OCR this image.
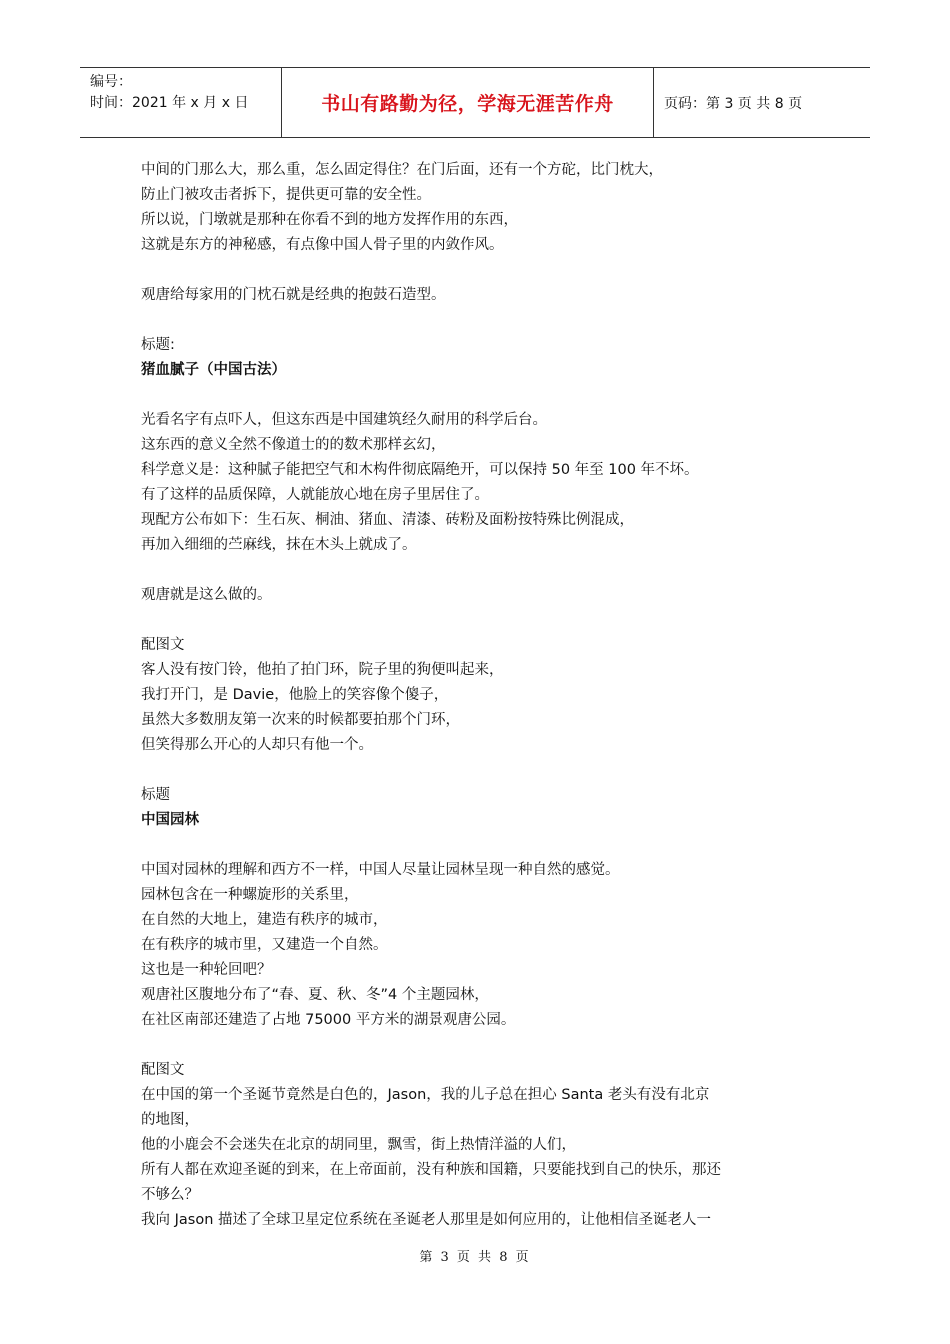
编号：
时间：2021 年 x 月 x 日	书山有路勤为径，学海无涯苦作舟	页码：第 3 页 共 8 页

中间的门那么大，那么重，怎么固定得住？在门后面，还有一个方砣，比门枕大，

防止门被攻击者拆下，提供更可靠的安全性。

所以说，门墩就是那种在你看不到的地方发挥作用的东西，

这就是东方的神秘感，有点像中国人骨子里的内敛作风。

观唐给每家用的门枕石就是经典的抱鼓石造型。

标题:

猪血腻子（中国古法）

光看名字有点吓人，但这东西是中国建筑经久耐用的科学后台。

这东西的意义全然不像道士的的数术那样玄幻，

科学意义是：这种腻子能把空气和木构件彻底隔绝开，可以保持 50 年至 100 年不坏。

有了这样的品质保障，人就能放心地在房子里居住了。

现配方公布如下：生石灰、桐油、猪血、清漆、砖粉及面粉按特殊比例混成，

再加入细细的苎麻线，抹在木头上就成了。

观唐就是这么做的。

配图文

客人没有按门铃，他拍了拍门环，院子里的狗便叫起来，

我打开门，是 Davie，他脸上的笑容像个傻子，

虽然大多数朋友第一次来的时候都要拍那个门环，

但笑得那么开心的人却只有他一个。

标题

中国园林

中国对园林的理解和西方不一样，中国人尽量让园林呈现一种自然的感觉。

园林包含在一种螺旋形的关系里，

在自然的大地上，建造有秩序的城市，

在有秩序的城市里，又建造一个自然。

这也是一种轮回吧？

观唐社区腹地分布了“春、夏、秋、冬”4 个主题园林，

在社区南部还建造了占地 75000 平方米的湖景观唐公园。

配图文

在中国的第一个圣诞节竟然是白色的，Jason，我的儿子总在担心 Santa 老头有没有北京

的地图，

他的小鹿会不会迷失在北京的胡同里，飘雪，街上热情洋溢的人们，

所有人都在欢迎圣诞的到来，在上帝面前，没有种族和国籍，只要能找到自己的快乐，那还

不够么？

我向 Jason 描述了全球卫星定位系统在圣诞老人那里是如何应用的，让他相信圣诞老人一

第 3 页 共 8 页
